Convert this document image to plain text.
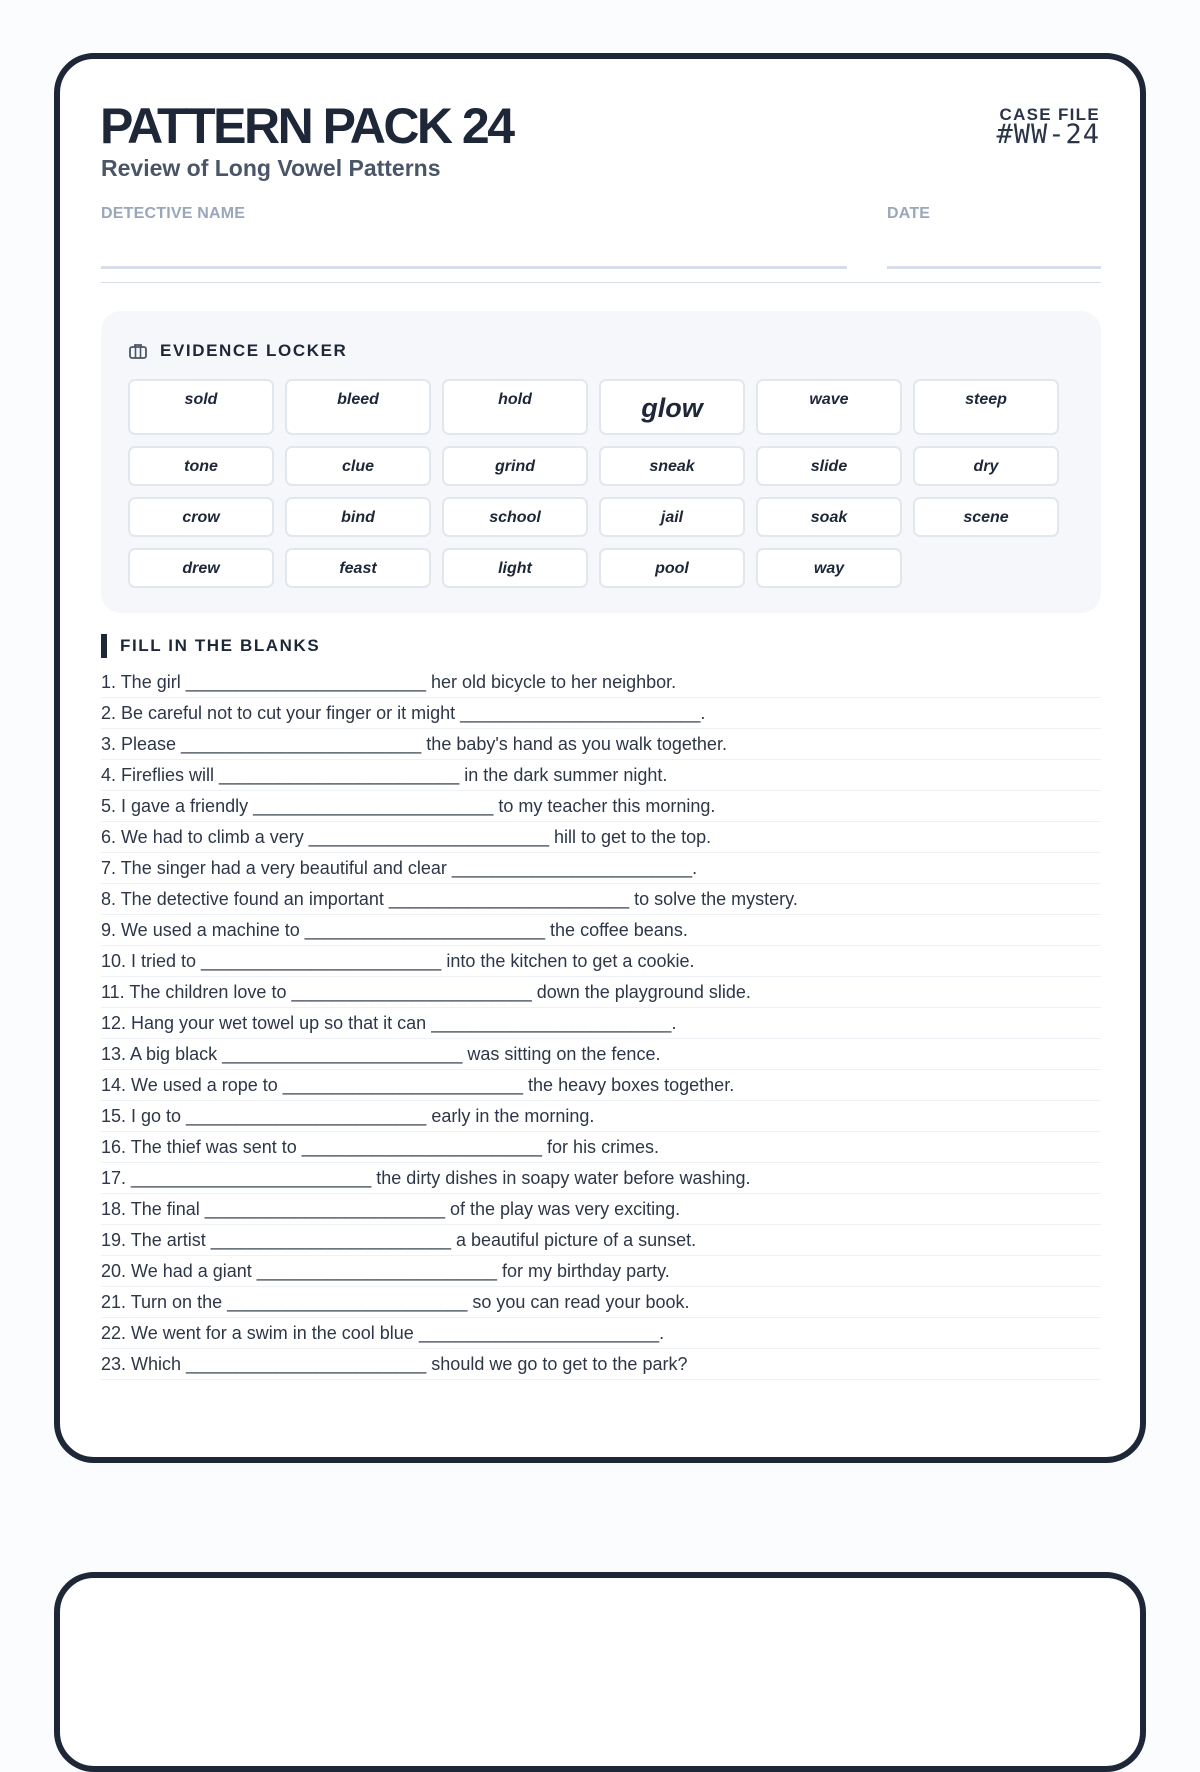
PATTERN PACK 24
Review of Long Vowel Patterns
CASE FILE
#WW-24
DETECTIVE NAME	DATE
EVIDENCE LOCKER
sold	bleed	hold	glow	wave	steep
tone	clue	grind	sneak	slide	dry
crow	bind	school	jail	soak	scene
drew	feast	light	pool	way
FILL IN THE BLANKS
1. The girl ________________________ her old bicycle to her neighbor.
2. Be careful not to cut your finger or it might ________________________.
3. Please ________________________ the baby's hand as you walk together.
4. Fireflies will ________________________ in the dark summer night.
5. I gave a friendly ________________________ to my teacher this morning.
6. We had to climb a very ________________________ hill to get to the top.
7. The singer had a very beautiful and clear ________________________.
8. The detective found an important ________________________ to solve the mystery.
9. We used a machine to ________________________ the coffee beans.
10. I tried to ________________________ into the kitchen to get a cookie.
11. The children love to ________________________ down the playground slide.
12. Hang your wet towel up so that it can ________________________.
13. A big black ________________________ was sitting on the fence.
14. We used a rope to ________________________ the heavy boxes together.
15. I go to ________________________ early in the morning.
16. The thief was sent to ________________________ for his crimes.
17. ________________________ the dirty dishes in soapy water before washing.
18. The final ________________________ of the play was very exciting.
19. The artist ________________________ a beautiful picture of a sunset.
20. We had a giant ________________________ for my birthday party.
21. Turn on the ________________________ so you can read your book.
22. We went for a swim in the cool blue ________________________.
23. Which ________________________ should we go to get to the park?
